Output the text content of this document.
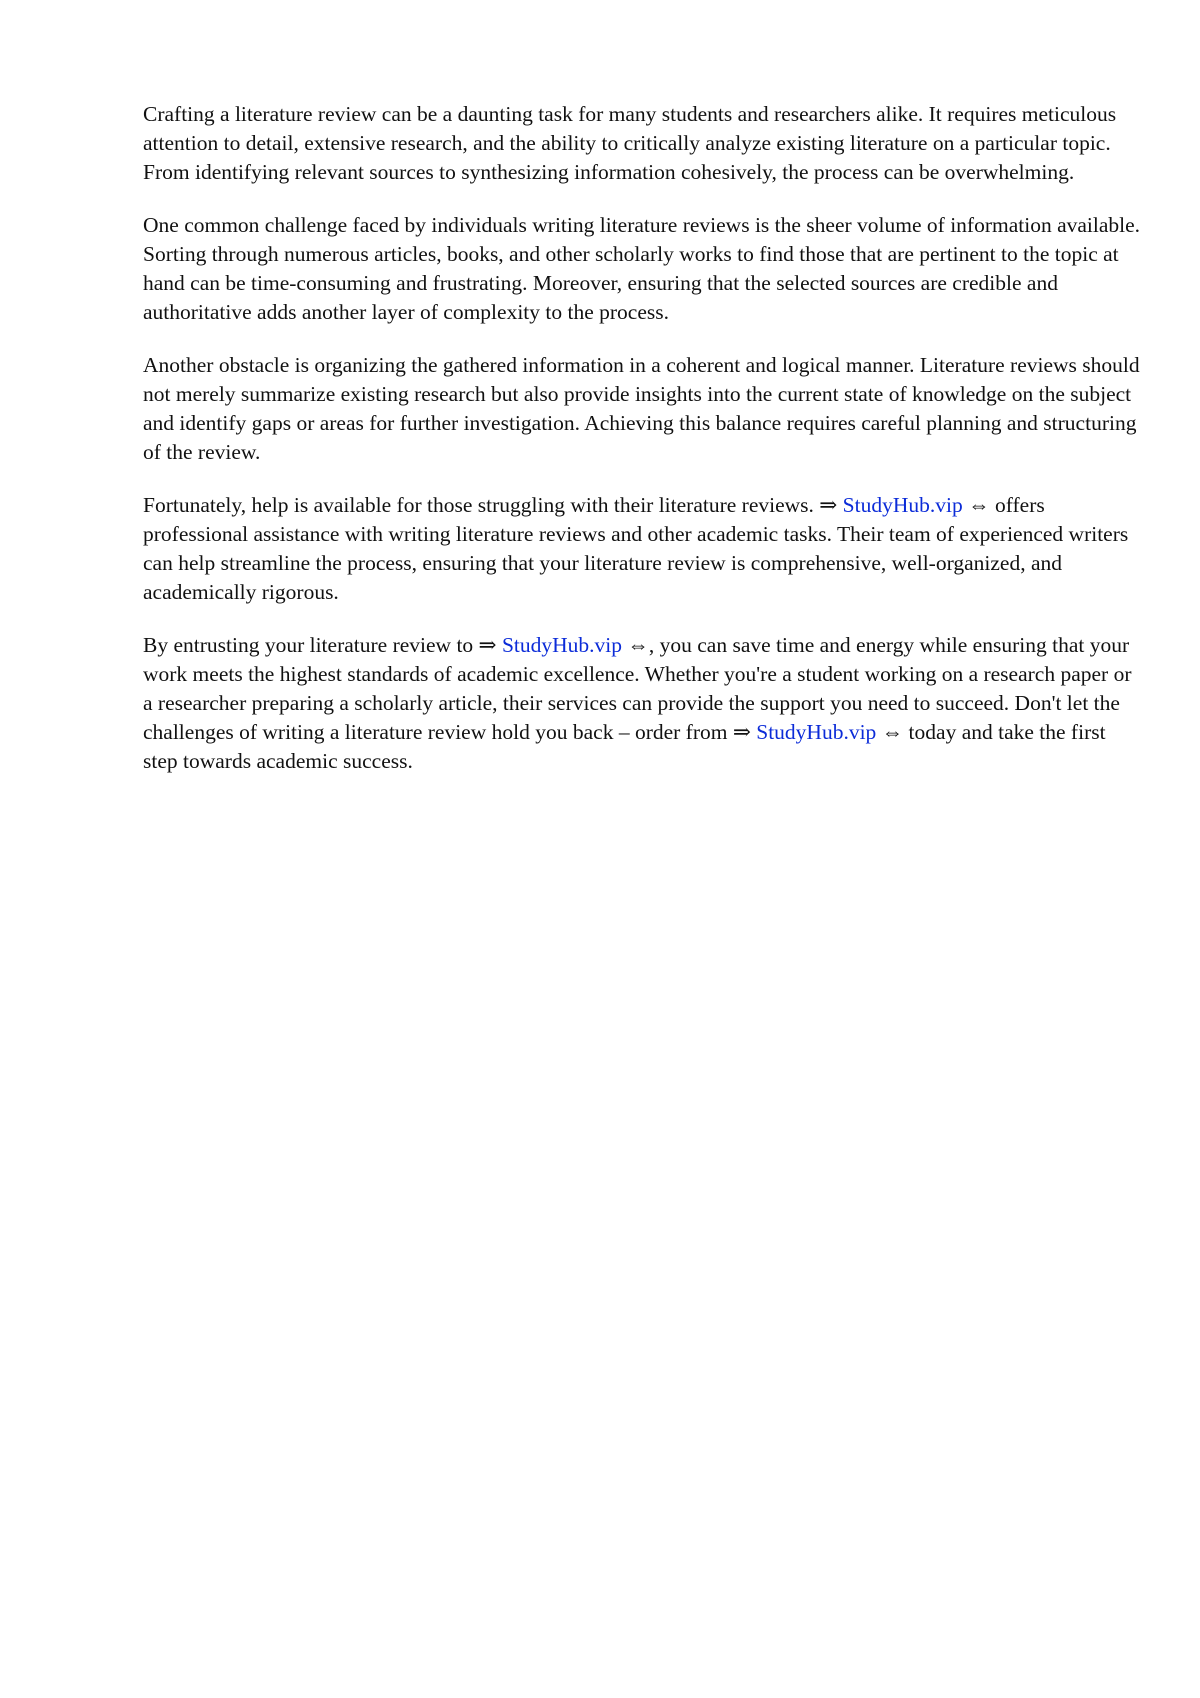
Crafting a literature review can be a daunting task for many students and researchers alike. It requires meticulous attention to detail, extensive research, and the ability to critically analyze existing literature on a particular topic. From identifying relevant sources to synthesizing information cohesively, the process can be overwhelming.

One common challenge faced by individuals writing literature reviews is the sheer volume of information available. Sorting through numerous articles, books, and other scholarly works to find those that are pertinent to the topic at hand can be time-consuming and frustrating. Moreover, ensuring that the selected sources are credible and authoritative adds another layer of complexity to the process.

Another obstacle is organizing the gathered information in a coherent and logical manner. Literature reviews should not merely summarize existing research but also provide insights into the current state of knowledge on the subject and identify gaps or areas for further investigation. Achieving this balance requires careful planning and structuring of the review.

Fortunately, help is available for those struggling with their literature reviews. ⇒ StudyHub.vip ⇔ offers professional assistance with writing literature reviews and other academic tasks. Their team of experienced writers can help streamline the process, ensuring that your literature review is comprehensive, well-organized, and academically rigorous.

By entrusting your literature review to ⇒ StudyHub.vip ⇔, you can save time and energy while ensuring that your work meets the highest standards of academic excellence. Whether you're a student working on a research paper or a researcher preparing a scholarly article, their services can provide the support you need to succeed. Don't let the challenges of writing a literature review hold you back – order from ⇒ StudyHub.vip ⇔ today and take the first step towards academic success.
